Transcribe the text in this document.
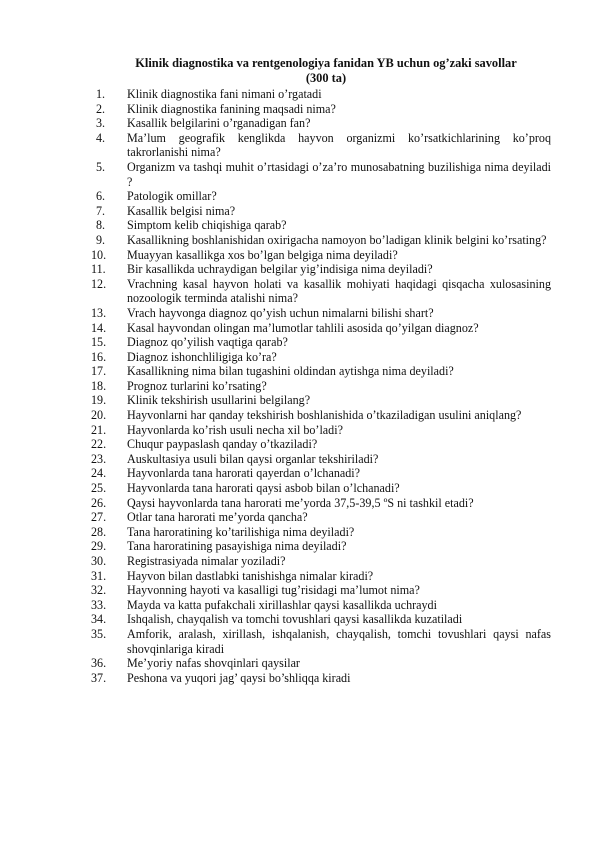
Klinik diagnostika va rentgenologiya fanidan YB uchun og’zaki savollar
(300 ta)
1.	Klinik diagnostika fani nimani o’rgatadi
2.	Klinik diagnostika fanining maqsadi nima?
3.	Kasallik belgilarini o’rganadigan fan?
4.	Ma’lum geografik kenglikda hayvon organizmi ko’rsatkichlarining ko’proq takrorlanishi nima?
5.	Organizm va tashqi muhit o’rtasidagi o’za’ro munosabatning buzilishiga nima deyiladi ?
6.	Patologik omillar?
7.	Kasallik belgisi nima?
8.	Simptom kelib chiqishiga qarab?
9.	Kasallikning boshlanishidan oxirigacha namoyon bo’ladigan klinik belgini ko’rsating?
10.	Muayyan kasallikga xos bo’lgan belgiga nima deyiladi?
11.	Bir kasallikda uchraydigan belgilar yig’indisiga nima deyiladi?
12.	Vrachning kasal hayvon holati va kasallik mohiyati haqidagi qisqacha xulosasining nozoologik terminda atalishi nima?
13.	Vrach hayvonga diagnoz qo’yish uchun nimalarni bilishi shart?
14.	Kasal hayvondan olingan ma’lumotlar tahlili asosida qo’yilgan diagnoz?
15.	Diagnoz qo’yilish vaqtiga qarab?
16.	Diagnoz ishonchliligiga ko’ra?
17.	Kasallikning nima bilan tugashini oldindan aytishga nima deyiladi?
18.	Prognoz turlarini ko’rsating?
19.	Klinik tekshirish usullarini belgilang?
20.	Hayvonlarni har qanday tekshirish boshlanishida o’tkaziladigan usulini aniqlang?
21.	Hayvonlarda ko’rish usuli necha xil bo’ladi?
22.	Chuqur paypaslash qanday o’tkaziladi?
23.	Auskultasiya usuli bilan qaysi organlar tekshiriladi?
24.	Hayvonlarda tana harorati qayerdan o’lchanadi?
25.	Hayvonlarda tana harorati qaysi asbob bilan o’lchanadi?
26.	Qaysi hayvonlarda tana harorati me’yorda 37,5-39,5 ºS ni tashkil etadi?
27.	Otlar tana harorati me’yorda qancha?
28.	Tana haroratining ko’tarilishiga nima deyiladi?
29.	Tana haroratining pasayishiga nima deyiladi?
30.	Registrasiyada nimalar yoziladi?
31.	Hayvon bilan dastlabki tanishishga nimalar kiradi?
32.	Hayvonning hayoti va kasalligi tug’risidagi ma’lumot nima?
33.	Mayda va katta pufakchali xirillashlar qaysi kasallikda uchraydi
34.	Ishqalish, chayqalish va tomchi tovushlari qaysi kasallikda kuzatiladi
35.	Amforik, aralash, xirillash, ishqalanish, chayqalish, tomchi tovushlari qaysi nafas shovqinlariga kiradi
36.	Me’yoriy nafas shovqinlari qaysilar
37.	Peshona va yuqori jag’ qaysi bo’shliqqa kiradi
